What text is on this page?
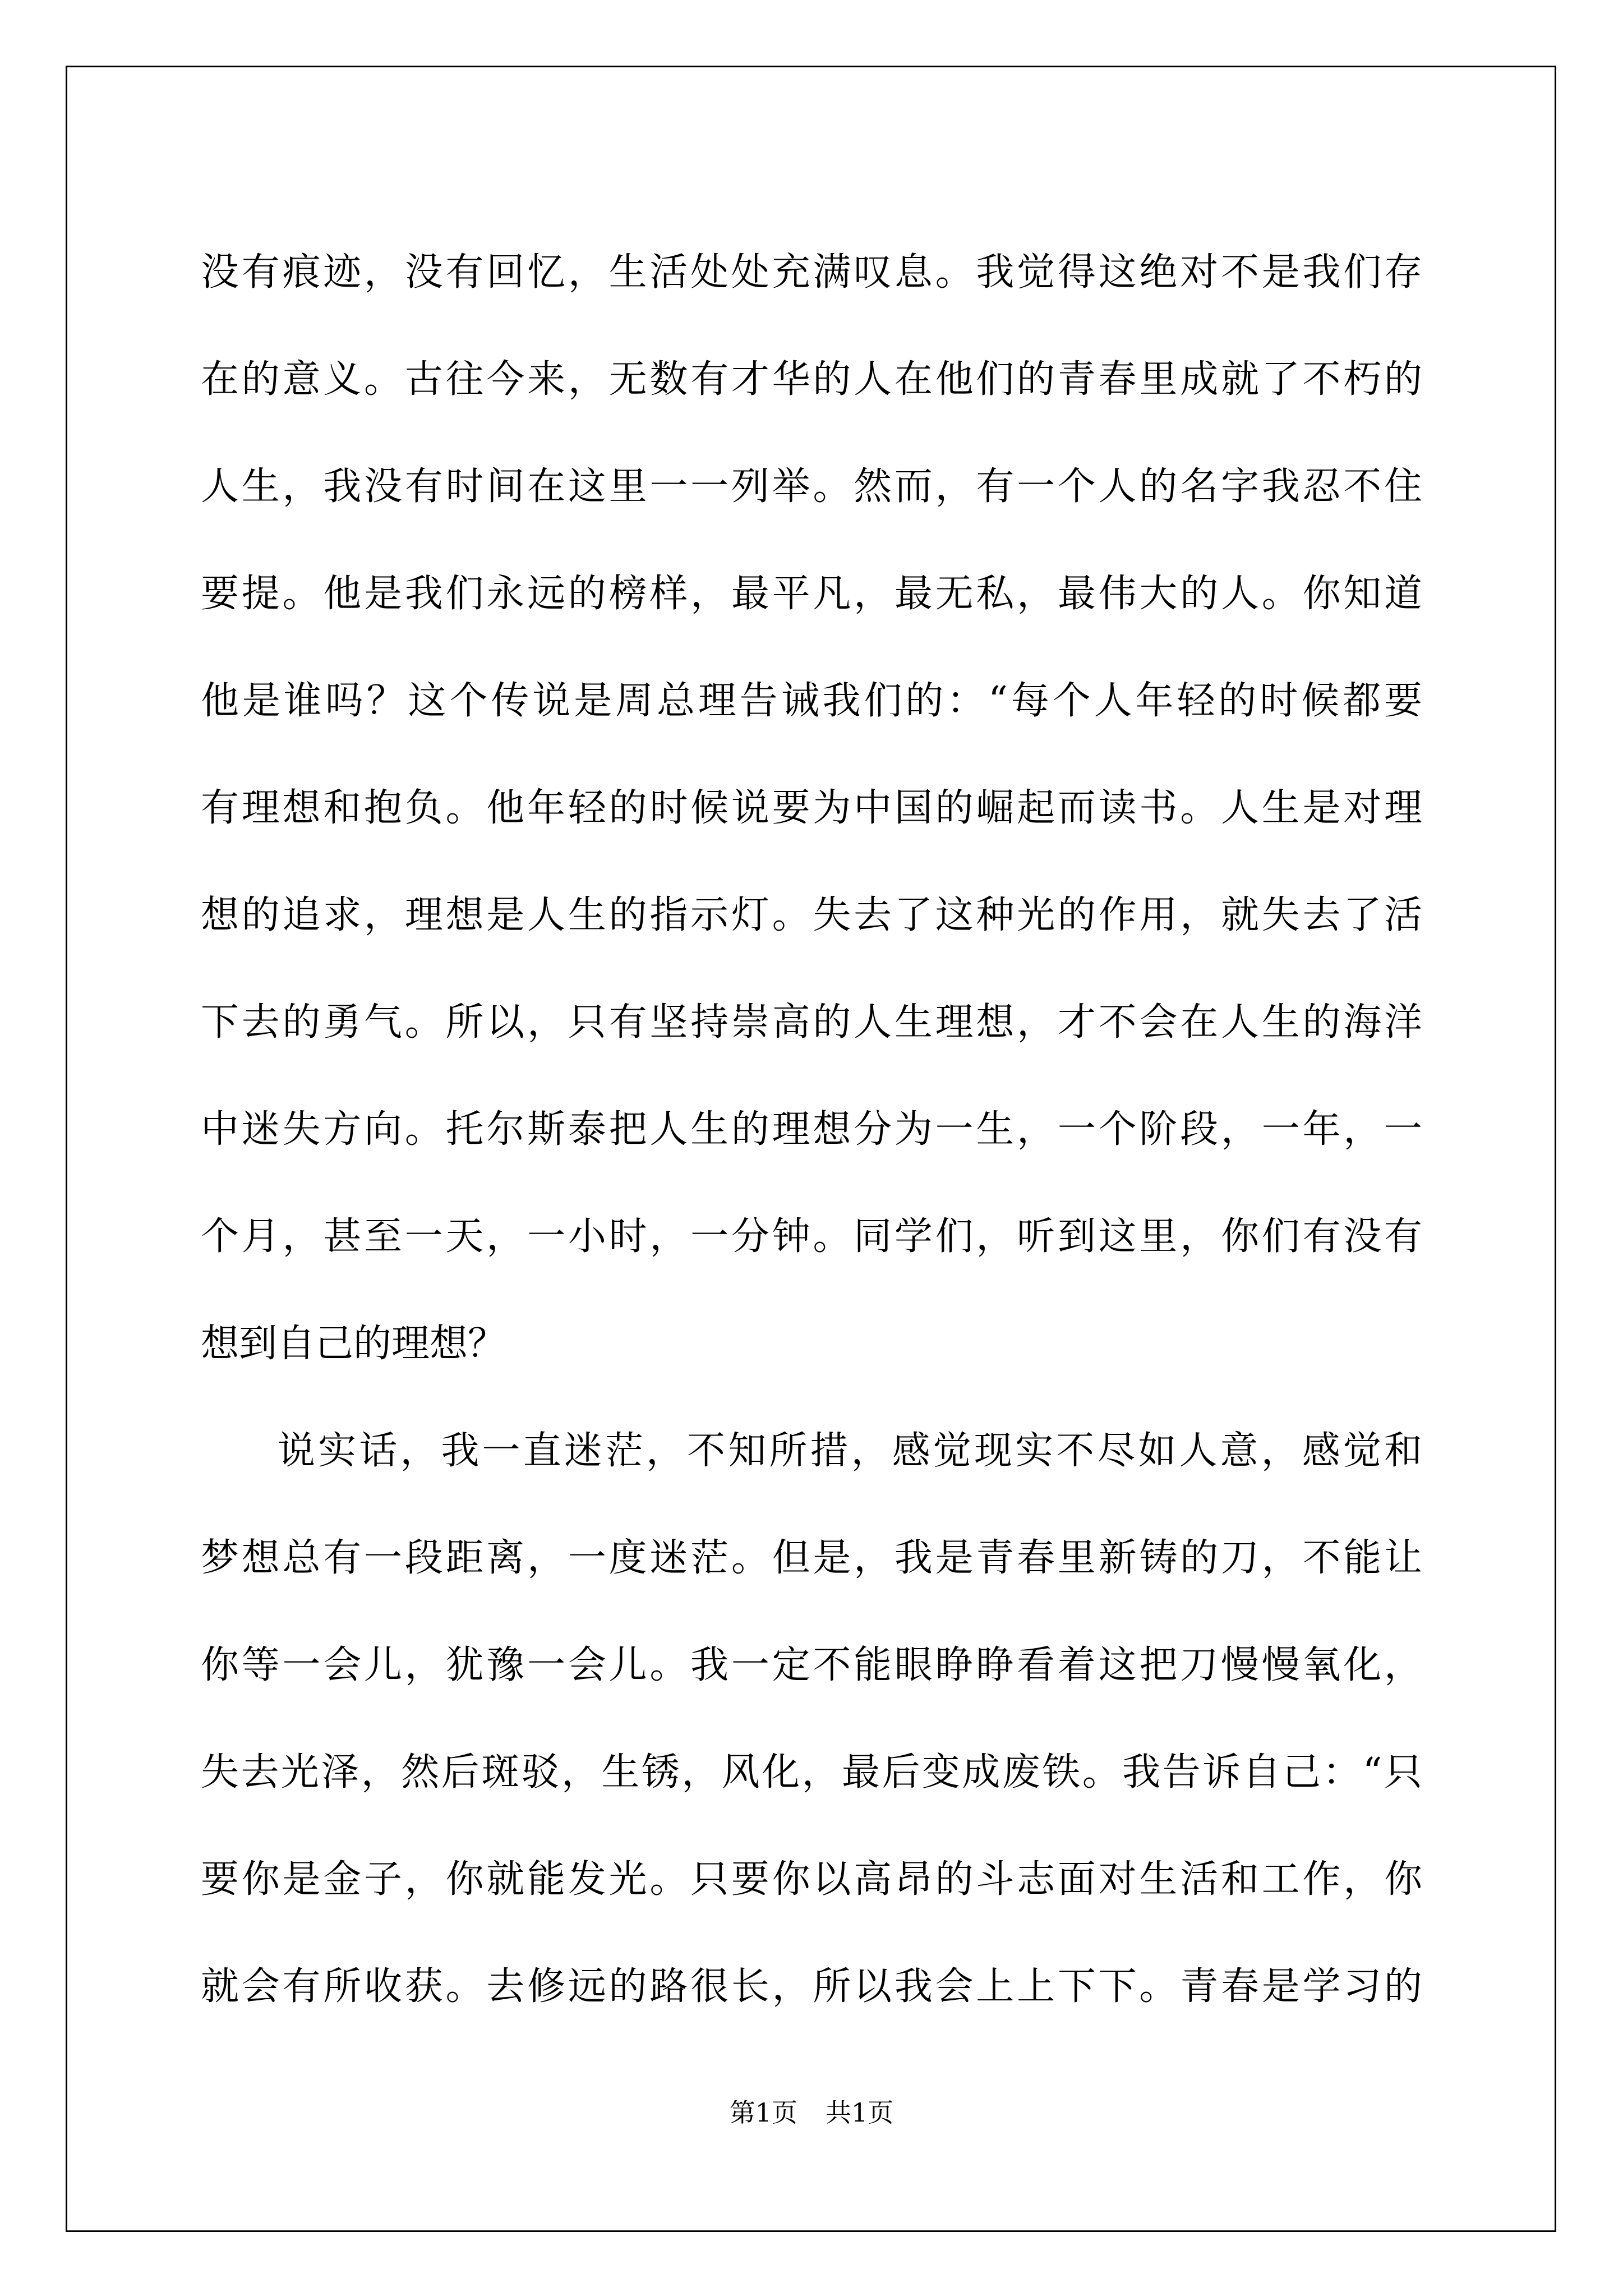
没有痕迹，没有回忆，生活处处充满叹息。我觉得这绝对不是我们存
在的意义。古往今来，无数有才华的人在他们的青春里成就了不朽的
人生，我没有时间在这里一一列举。然而，有一个人的名字我忍不住
要提。他是我们永远的榜样，最平凡，最无私，最伟大的人。你知道
他是谁吗？这个传说是周总理告诫我们的：“每个人年轻的时候都要
有理想和抱负。他年轻的时候说要为中国的崛起而读书。人生是对理
想的追求，理想是人生的指示灯。失去了这种光的作用，就失去了活
下去的勇气。所以，只有坚持崇高的人生理想，才不会在人生的海洋
中迷失方向。托尔斯泰把人生的理想分为一生，一个阶段，一年，一
个月，甚至一天，一小时，一分钟。同学们，听到这里，你们有没有
想到自己的理想？
说实话，我一直迷茫，不知所措，感觉现实不尽如人意，感觉和
梦想总有一段距离，一度迷茫。但是，我是青春里新铸的刀，不能让
你等一会儿，犹豫一会儿。我一定不能眼睁睁看着这把刀慢慢氧化，
失去光泽，然后斑驳，生锈，风化，最后变成废铁。我告诉自己：“只
要你是金子，你就能发光。只要你以高昂的斗志面对生活和工作，你
就会有所收获。去修远的路很长，所以我会上上下下。青春是学习的
第1页 共1页
